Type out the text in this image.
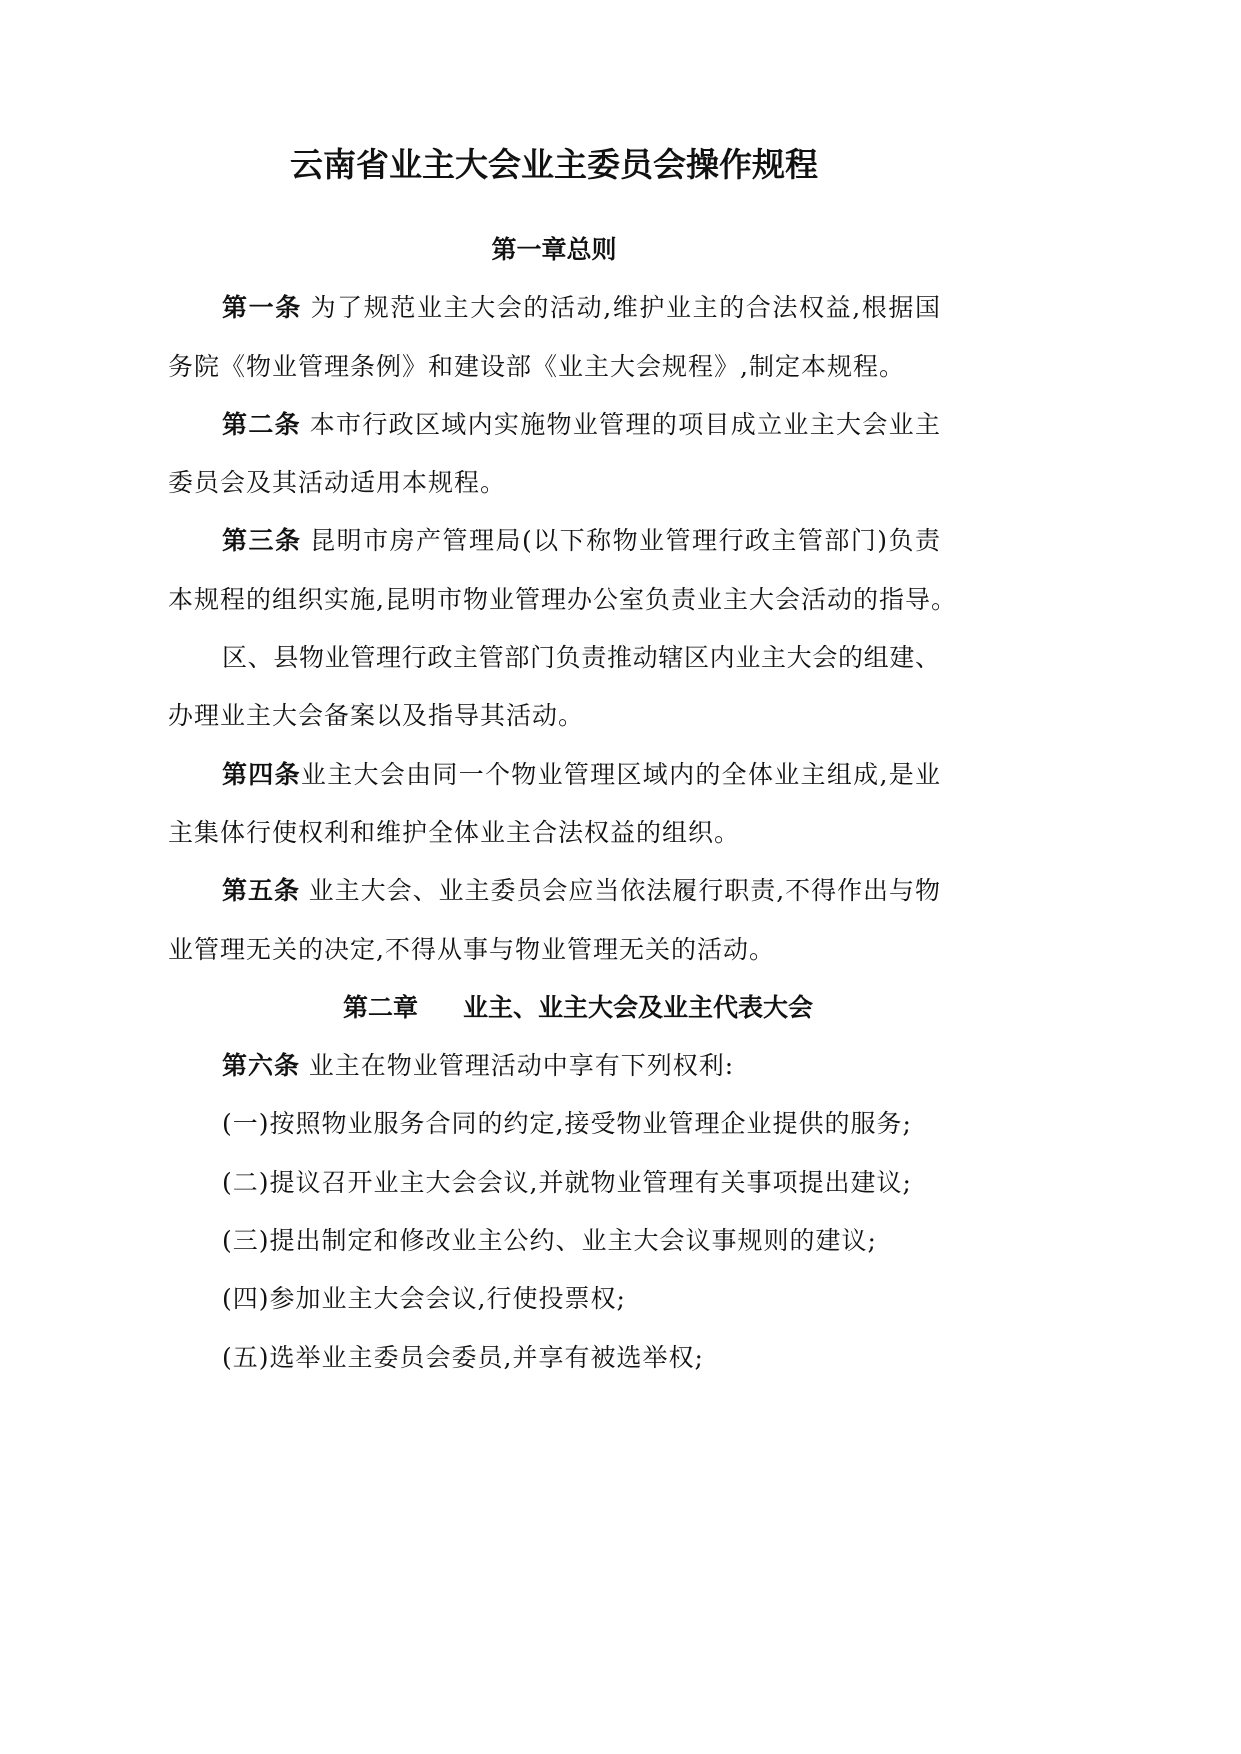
云南省业主大会业主委员会操作规程
第一章总则
第一条 为了规范业主大会的活动,维护业主的合法权益,根据国
务院《物业管理条例》和建设部《业主大会规程》,制定本规程。
第二条 本市行政区域内实施物业管理的项目成立业主大会业主
委员会及其活动适用本规程。
第三条 昆明市房产管理局(以下称物业管理行政主管部门)负责
本规程的组织实施,昆明市物业管理办公室负责业主大会活动的指导。
区、县物业管理行政主管部门负责推动辖区内业主大会的组建、
办理业主大会备案以及指导其活动。
第四条业主大会由同一个物业管理区域内的全体业主组成,是业
主集体行使权利和维护全体业主合法权益的组织。
第五条 业主大会、业主委员会应当依法履行职责,不得作出与物
业管理无关的决定,不得从事与物业管理无关的活动。
第二章 业主、业主大会及业主代表大会
第六条 业主在物业管理活动中享有下列权利:
(一)按照物业服务合同的约定,接受物业管理企业提供的服务;
(二)提议召开业主大会会议,并就物业管理有关事项提出建议;
(三)提出制定和修改业主公约、业主大会议事规则的建议;
(四)参加业主大会会议,行使投票权;
(五)选举业主委员会委员,并享有被选举权;
